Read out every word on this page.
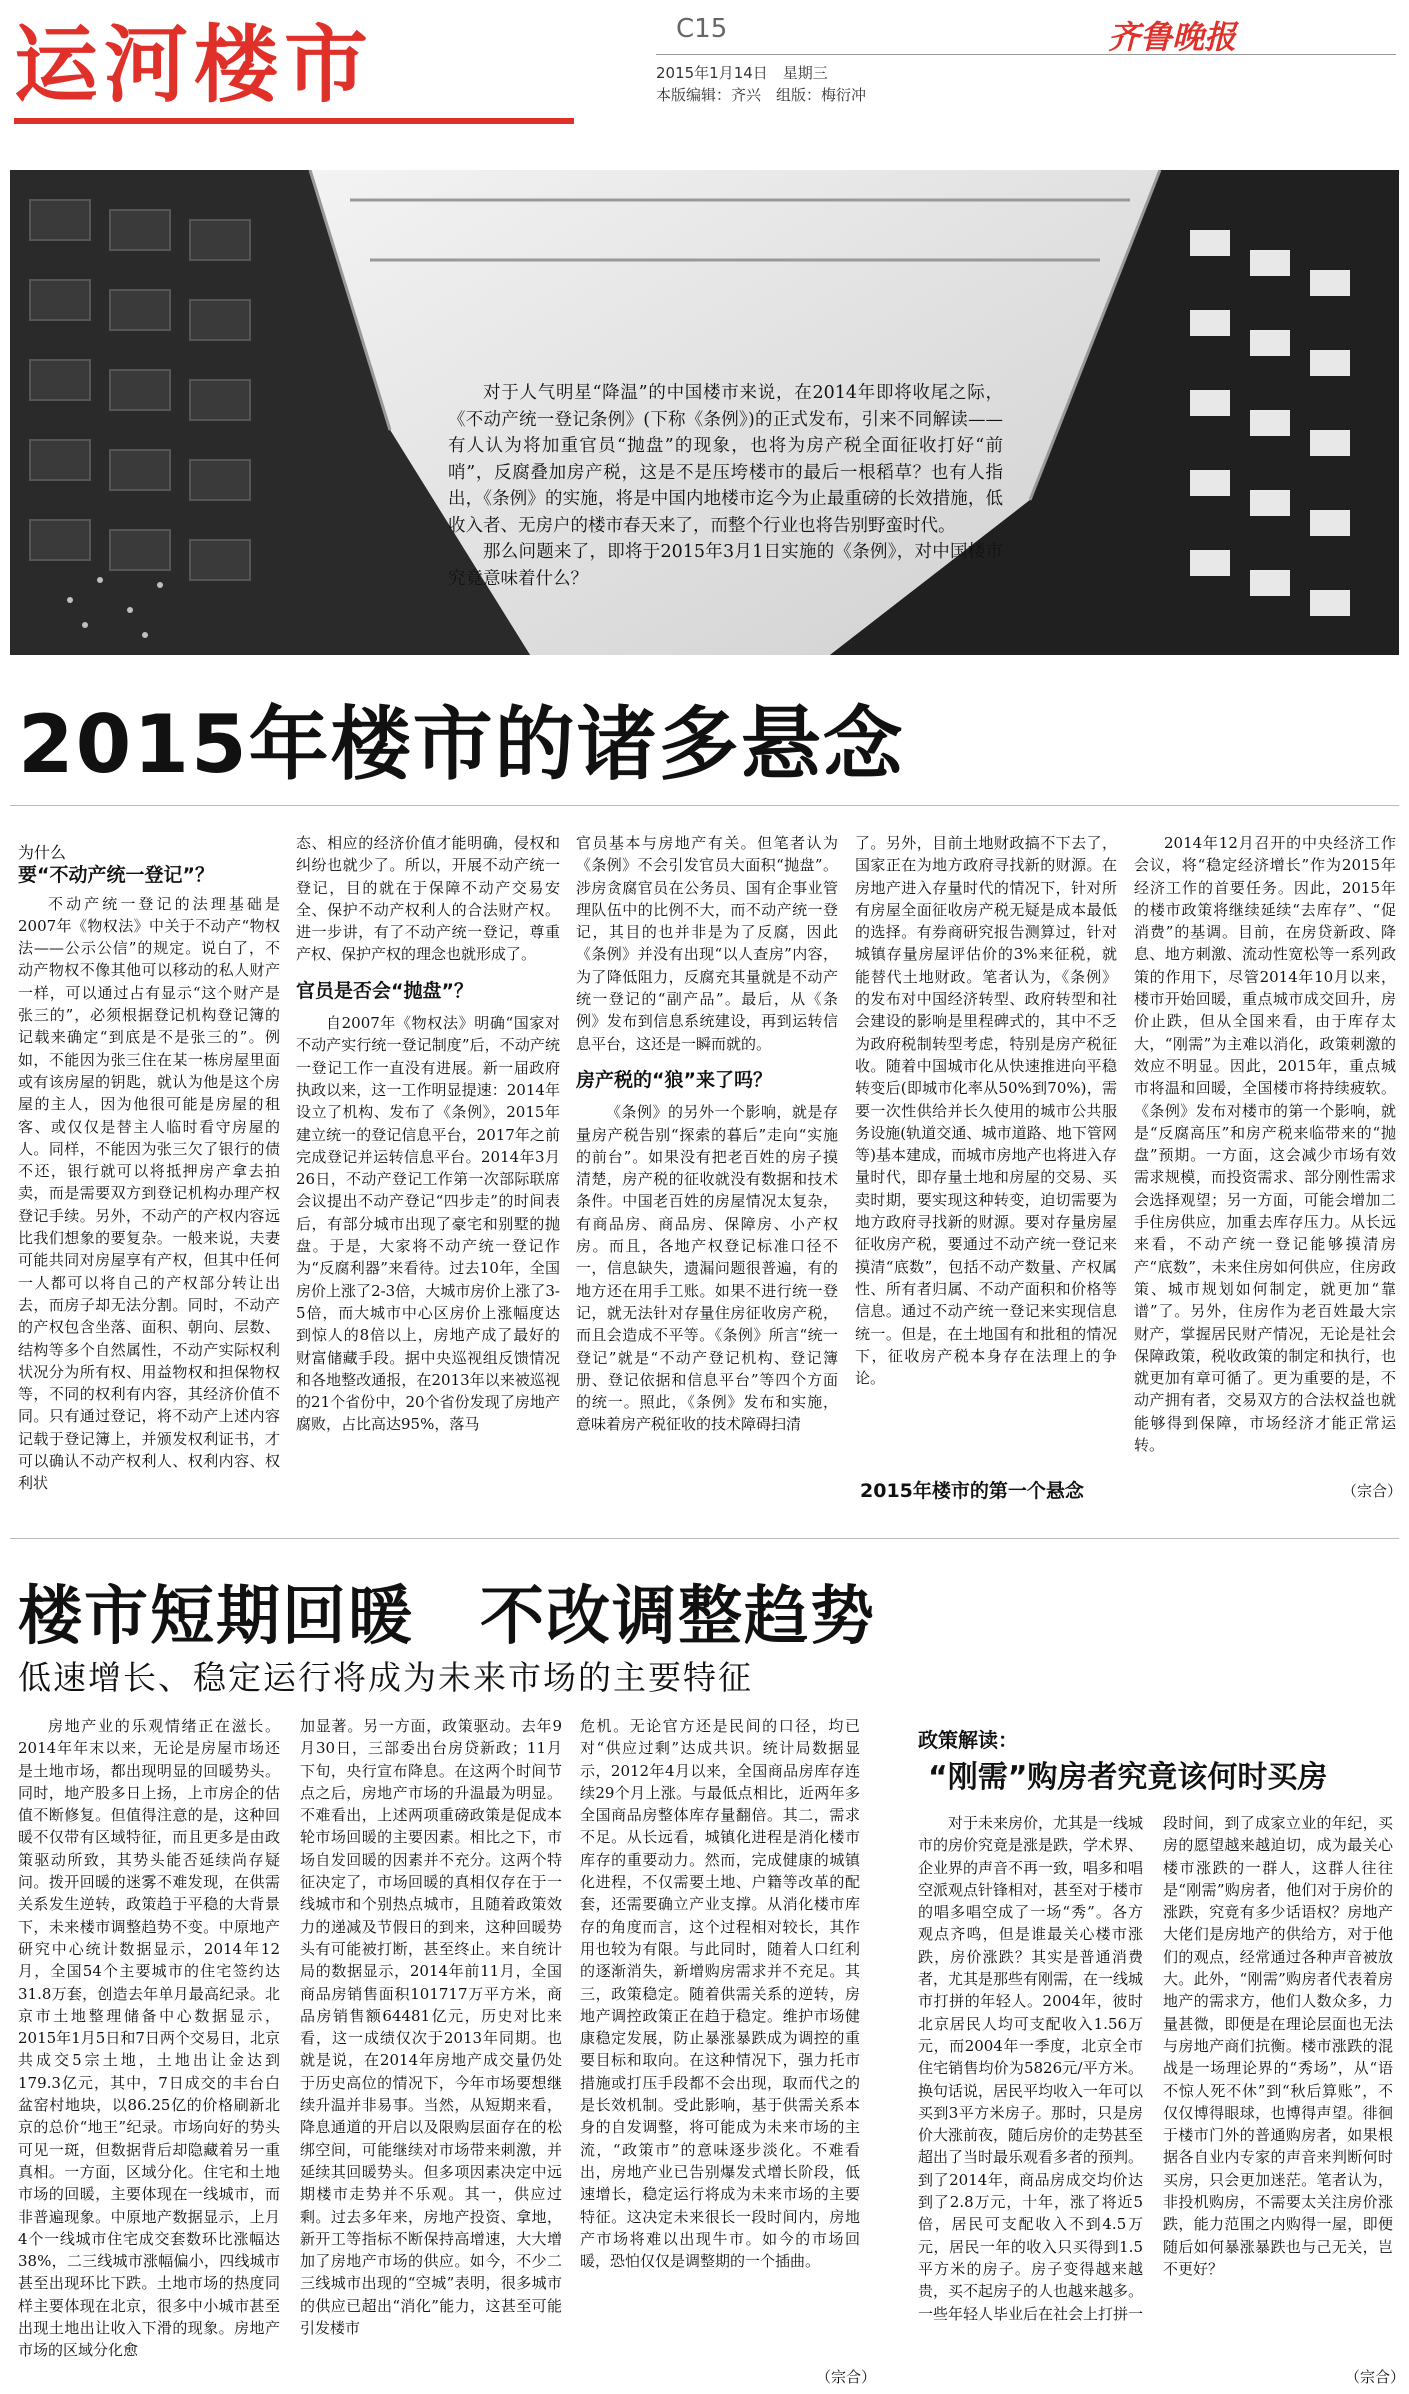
运河楼市	C15
2015年1月14日　星期三
本版编辑：齐兴　组版：梅衍冲
齐鲁晚报
对于人气明星“降温”的中国楼市来说，在2014年即将收尾之际，《不动产统一登记条例》(下称《条例》)的正式发布，引来不同解读——有人认为将加重官员“抛盘”的现象，也将为房产税全面征收打好“前哨”，反腐叠加房产税，这是不是压垮楼市的最后一根稻草？也有人指出，《条例》的实施，将是中国内地楼市迄今为止最重磅的长效措施，低收入者、无房户的楼市春天来了，而整个行业也将告别野蛮时代。
那么问题来了，即将于2015年3月1日实施的《条例》，对中国楼市究竟意味着什么？
2015年楼市的诸多悬念
为什么
要“不动产统一登记”？

不动产统一登记的法理基础是2007年《物权法》中关于不动产“物权法——公示公信”的规定。说白了，不动产物权不像其他可以移动的私人财产一样，可以通过占有显示“这个财产是张三的”，必须根据登记机构登记簿的记载来确定“到底是不是张三的”。例如，不能因为张三住在某一栋房屋里面或有该房屋的钥匙，就认为他是这个房屋的主人，因为他很可能是房屋的租客、或仅仅是替主人临时看守房屋的人。同样，不能因为张三欠了银行的债不还，银行就可以将抵押房产拿去拍卖，而是需要双方到登记机构办理产权登记手续。另外，不动产的产权内容远比我们想象的要复杂。一般来说，夫妻可能共同对房屋享有产权，但其中任何一人都可以将自己的产权部分转让出去，而房子却无法分割。同时，不动产的产权包含坐落、面积、朝向、层数、结构等多个自然属性，不动产实际权利状况分为所有权、用益物权和担保物权等，不同的权利有内容，其经济价值不同。只有通过登记，将不动产上述内容记载于登记簿上，并颁发权利证书，才可以确认不动产权利人、权利内容、权利状

态、相应的经济价值才能明确，侵权和纠纷也就少了。所以，开展不动产统一登记，目的就在于保障不动产交易安全、保护不动产权利人的合法财产权。进一步讲，有了不动产统一登记，尊重产权、保护产权的理念也就形成了。

官员是否会“抛盘”？

自2007年《物权法》明确“国家对不动产实行统一登记制度”后，不动产统一登记工作一直没有进展。新一届政府执政以来，这一工作明显提速：2014年设立了机构、发布了《条例》，2015年建立统一的登记信息平台，2017年之前完成登记并运转信息平台。2014年3月26日，不动产登记工作第一次部际联席会议提出不动产登记“四步走”的时间表后，有部分城市出现了豪宅和别墅的抛盘。于是，大家将不动产统一登记作为“反腐利器”来看待。过去10年，全国房价上涨了2-3倍，大城市房价上涨了3-5倍，而大城市中心区房价上涨幅度达到惊人的8倍以上，房地产成了最好的财富储藏手段。据中央巡视组反馈情况和各地整改通报，在2013年以来被巡视的21个省份中，20个省份发现了房地产腐败，占比高达95%，落马

官员基本与房地产有关。但笔者认为《条例》不会引发官员大面积“抛盘”。涉房贪腐官员在公务员、国有企事业管理队伍中的比例不大，而不动产统一登记，其目的也并非是为了反腐，因此《条例》并没有出现“以人查房”内容，为了降低阻力，反腐充其量就是不动产统一登记的“副产品”。最后，从《条例》发布到信息系统建设，再到运转信息平台，这还是一瞬而就的。

房产税的“狼”来了吗？

《条例》的另外一个影响，就是存量房产税告别“探索的暮后”走向“实施的前台”。如果没有把老百姓的房子摸清楚，房产税的征收就没有数据和技术条件。中国老百姓的房屋情况太复杂，有商品房、商品房、保障房、小产权房。而且，各地产权登记标准口径不一，信息缺失，遗漏问题很普遍，有的地方还在用手工账。如果不进行统一登记，就无法针对存量住房征收房产税，而且会造成不平等。《条例》所言“统一登记”就是“不动产登记机构、登记簿册、登记依据和信息平台”等四个方面的统一。照此，《条例》发布和实施，意味着房产税征收的技术障碍扫清

了。另外，目前土地财政搞不下去了，国家正在为地方政府寻找新的财源。在房地产进入存量时代的情况下，针对所有房屋全面征收房产税无疑是成本最低的选择。有券商研究报告测算过，针对城镇存量房屋评估价的3%来征税，就能替代土地财政。笔者认为，《条例》的发布对中国经济转型、政府转型和社会建设的影响是里程碑式的，其中不乏为政府税制转型考虑，特别是房产税征收。随着中国城市化从快速推进向平稳转变后(即城市化率从50%到70%)，需要一次性供给并长久使用的城市公共服务设施(轨道交通、城市道路、地下管网等)基本建成，而城市房地产也将进入存量时代，即存量土地和房屋的交易、买卖时期，要实现这种转变，迫切需要为地方政府寻找新的财源。要对存量房屋征收房产税，要通过不动产统一登记来摸清“底数”，包括不动产数量、产权属性、所有者归属、不动产面积和价格等信息。通过不动产统一登记来实现信息统一。但是，在土地国有和批租的情况下，征收房产税本身存在法理上的争论。

2015年楼市的第一个悬念

2014年12月召开的中央经济工作会议，将“稳定经济增长”作为2015年经济工作的首要任务。因此，2015年的楼市政策将继续延续“去库存”、“促消费”的基调。目前，在房贷新政、降息、地方刺激、流动性宽松等一系列政策的作用下，尽管2014年10月以来，楼市开始回暖，重点城市成交回升，房价止跌，但从全国来看，由于库存太大，“刚需”为主难以消化，政策刺激的效应不明显。因此，2015年，重点城市将温和回暖，全国楼市将持续疲软。《条例》发布对楼市的第一个影响，就是“反腐高压”和房产税来临带来的“抛盘”预期。一方面，这会减少市场有效需求规模，而投资需求、部分刚性需求会选择观望；另一方面，可能会增加二手住房供应，加重去库存压力。从长远来看，不动产统一登记能够摸清房产“底数”，未来住房如何供应，住房政策、城市规划如何制定，就更加“靠谱”了。另外，住房作为老百姓最大宗财产，掌握居民财产情况，无论是社会保障政策，税收政策的制定和执行，也就更加有章可循了。更为重要的是，不动产拥有者，交易双方的合法权益也就能够得到保障，市场经济才能正常运转。

（宗合）
楼市短期回暖　不改调整趋势
低速增长、稳定运行将成为未来市场的主要特征

房地产业的乐观情绪正在滋长。2014年年末以来，无论是房屋市场还是土地市场，都出现明显的回暖势头。同时，地产股多日上扬，上市房企的估值不断修复。但值得注意的是，这种回暖不仅带有区域特征，而且更多是由政策驱动所致，其势头能否延续尚存疑问。拨开回暖的迷雾不难发现，在供需关系发生逆转，政策趋于平稳的大背景下，未来楼市调整趋势不变。中原地产研究中心统计数据显示，2014年12月，全国54个主要城市的住宅签约达31.8万套，创造去年单月最高纪录。北京市土地整理储备中心数据显示，2015年1月5日和7日两个交易日，北京共成交5宗土地，土地出让金达到179.3亿元，其中，7日成交的丰台白盆窑村地块，以86.25亿的价格刷新北京的总价“地王”纪录。市场向好的势头可见一斑，但数据背后却隐藏着另一重真相。一方面，区域分化。住宅和土地市场的回暖，主要体现在一线城市，而非普遍现象。中原地产数据显示，上月4个一线城市住宅成交套数环比涨幅达38%，二三线城市涨幅偏小，四线城市甚至出现环比下跌。土地市场的热度同样主要体现在北京，很多中小城市甚至出现土地出让收入下滑的现象。房地产市场的区域分化愈

加显著。另一方面，政策驱动。去年9月30日，三部委出台房贷新政；11月下旬，央行宣布降息。在这两个时间节点之后，房地产市场的升温最为明显。不难看出，上述两项重磅政策是促成本轮市场回暖的主要因素。相比之下，市场自发回暖的因素并不充分。这两个特征决定了，市场回暖的真相仅存在于一线城市和个别热点城市，且随着政策效力的递减及节假日的到来，这种回暖势头有可能被打断，甚至终止。来自统计局的数据显示，2014年前11月，全国商品房销售面积101717万平方米，商品房销售额64481亿元，历史对比来看，这一成绩仅次于2013年同期。也就是说，在2014年房地产成交量仍处于历史高位的情况下，今年市场要想继续升温并非易事。当然，从短期来看，降息通道的开启以及限购层面存在的松绑空间，可能继续对市场带来刺激，并延续其回暖势头。但多项因素决定中远期楼市走势并不乐观。其一，供应过剩。过去多年来，房地产投资、拿地，新开工等指标不断保持高增速，大大增加了房地产市场的供应。如今，不少二三线城市出现的“空城”表明，很多城市的供应已超出“消化”能力，这甚至可能引发楼市

危机。无论官方还是民间的口径，均已对“供应过剩”达成共识。统计局数据显示，2012年4月以来，全国商品房库存连续29个月上涨。与最低点相比，近两年多全国商品房整体库存量翻倍。其二，需求不足。从长远看，城镇化进程是消化楼市库存的重要动力。然而，完成健康的城镇化进程，不仅需要土地、户籍等改革的配套，还需要确立产业支撑。从消化楼市库存的角度而言，这个过程相对较长，其作用也较为有限。与此同时，随着人口红利的逐渐消失，新增购房需求并不充足。其三，政策稳定。随着供需关系的逆转，房地产调控政策正在趋于稳定。维护市场健康稳定发展，防止暴涨暴跌成为调控的重要目标和取向。在这种情况下，强力托市措施或打压手段都不会出现，取而代之的是长效机制。受此影响，基于供需关系本身的自发调整，将可能成为未来市场的主流，“政策市”的意味逐步淡化。不难看出，房地产业已告别爆发式增长阶段，低速增长，稳定运行将成为未来市场的主要特征。这决定未来很长一段时间内，房地产市场将难以出现牛市。如今的市场回暖，恐怕仅仅是调整期的一个插曲。

（宗合）
政策解读：
“刚需”购房者究竟该何时买房

对于未来房价，尤其是一线城市的房价究竟是涨是跌，学术界、企业界的声音不再一致，唱多和唱空派观点针锋相对，甚至对于楼市的唱多唱空成了一场“秀”。各方观点齐鸣，但是谁最关心楼市涨跌，房价涨跌？其实是普通消费者，尤其是那些有刚需，在一线城市打拼的年轻人。2004年，彼时北京居民人均可支配收入1.56万元，而2004年一季度，北京全市住宅销售均价为5826元/平方米。换句话说，居民平均收入一年可以买到3平方米房子。那时，只是房价大涨前夜，随后房价的走势甚至超出了当时最乐观看多者的预判。到了2014年，商品房成交均价达到了2.8万元，十年，涨了将近5倍，居民可支配收入不到4.5万元，居民一年的收入只买得到1.5平方米的房子。房子变得越来越贵，买不起房子的人也越来越多。一些年轻人毕业后在社会上打拼一

段时间，到了成家立业的年纪，买房的愿望越来越迫切，成为最关心楼市涨跌的一群人，这群人往往是“刚需”购房者，他们对于房价的涨跌，究竟有多少话语权？房地产大佬们是房地产的供给方，对于他们的观点，经常通过各种声音被放大。此外，“刚需”购房者代表着房地产的需求方，他们人数众多，力量甚微，即便是在理论层面也无法与房地产商们抗衡。楼市涨跌的混战是一场理论界的“秀场”，从“语不惊人死不休”到“秋后算账”，不仅仅博得眼球，也博得声望。徘徊于楼市门外的普通购房者，如果根据各自业内专家的声音来判断何时买房，只会更加迷茫。笔者认为，非投机购房，不需要太关注房价涨跌，能力范围之内购得一屋，即便随后如何暴涨暴跌也与己无关，岂不更好？

（宗合）
